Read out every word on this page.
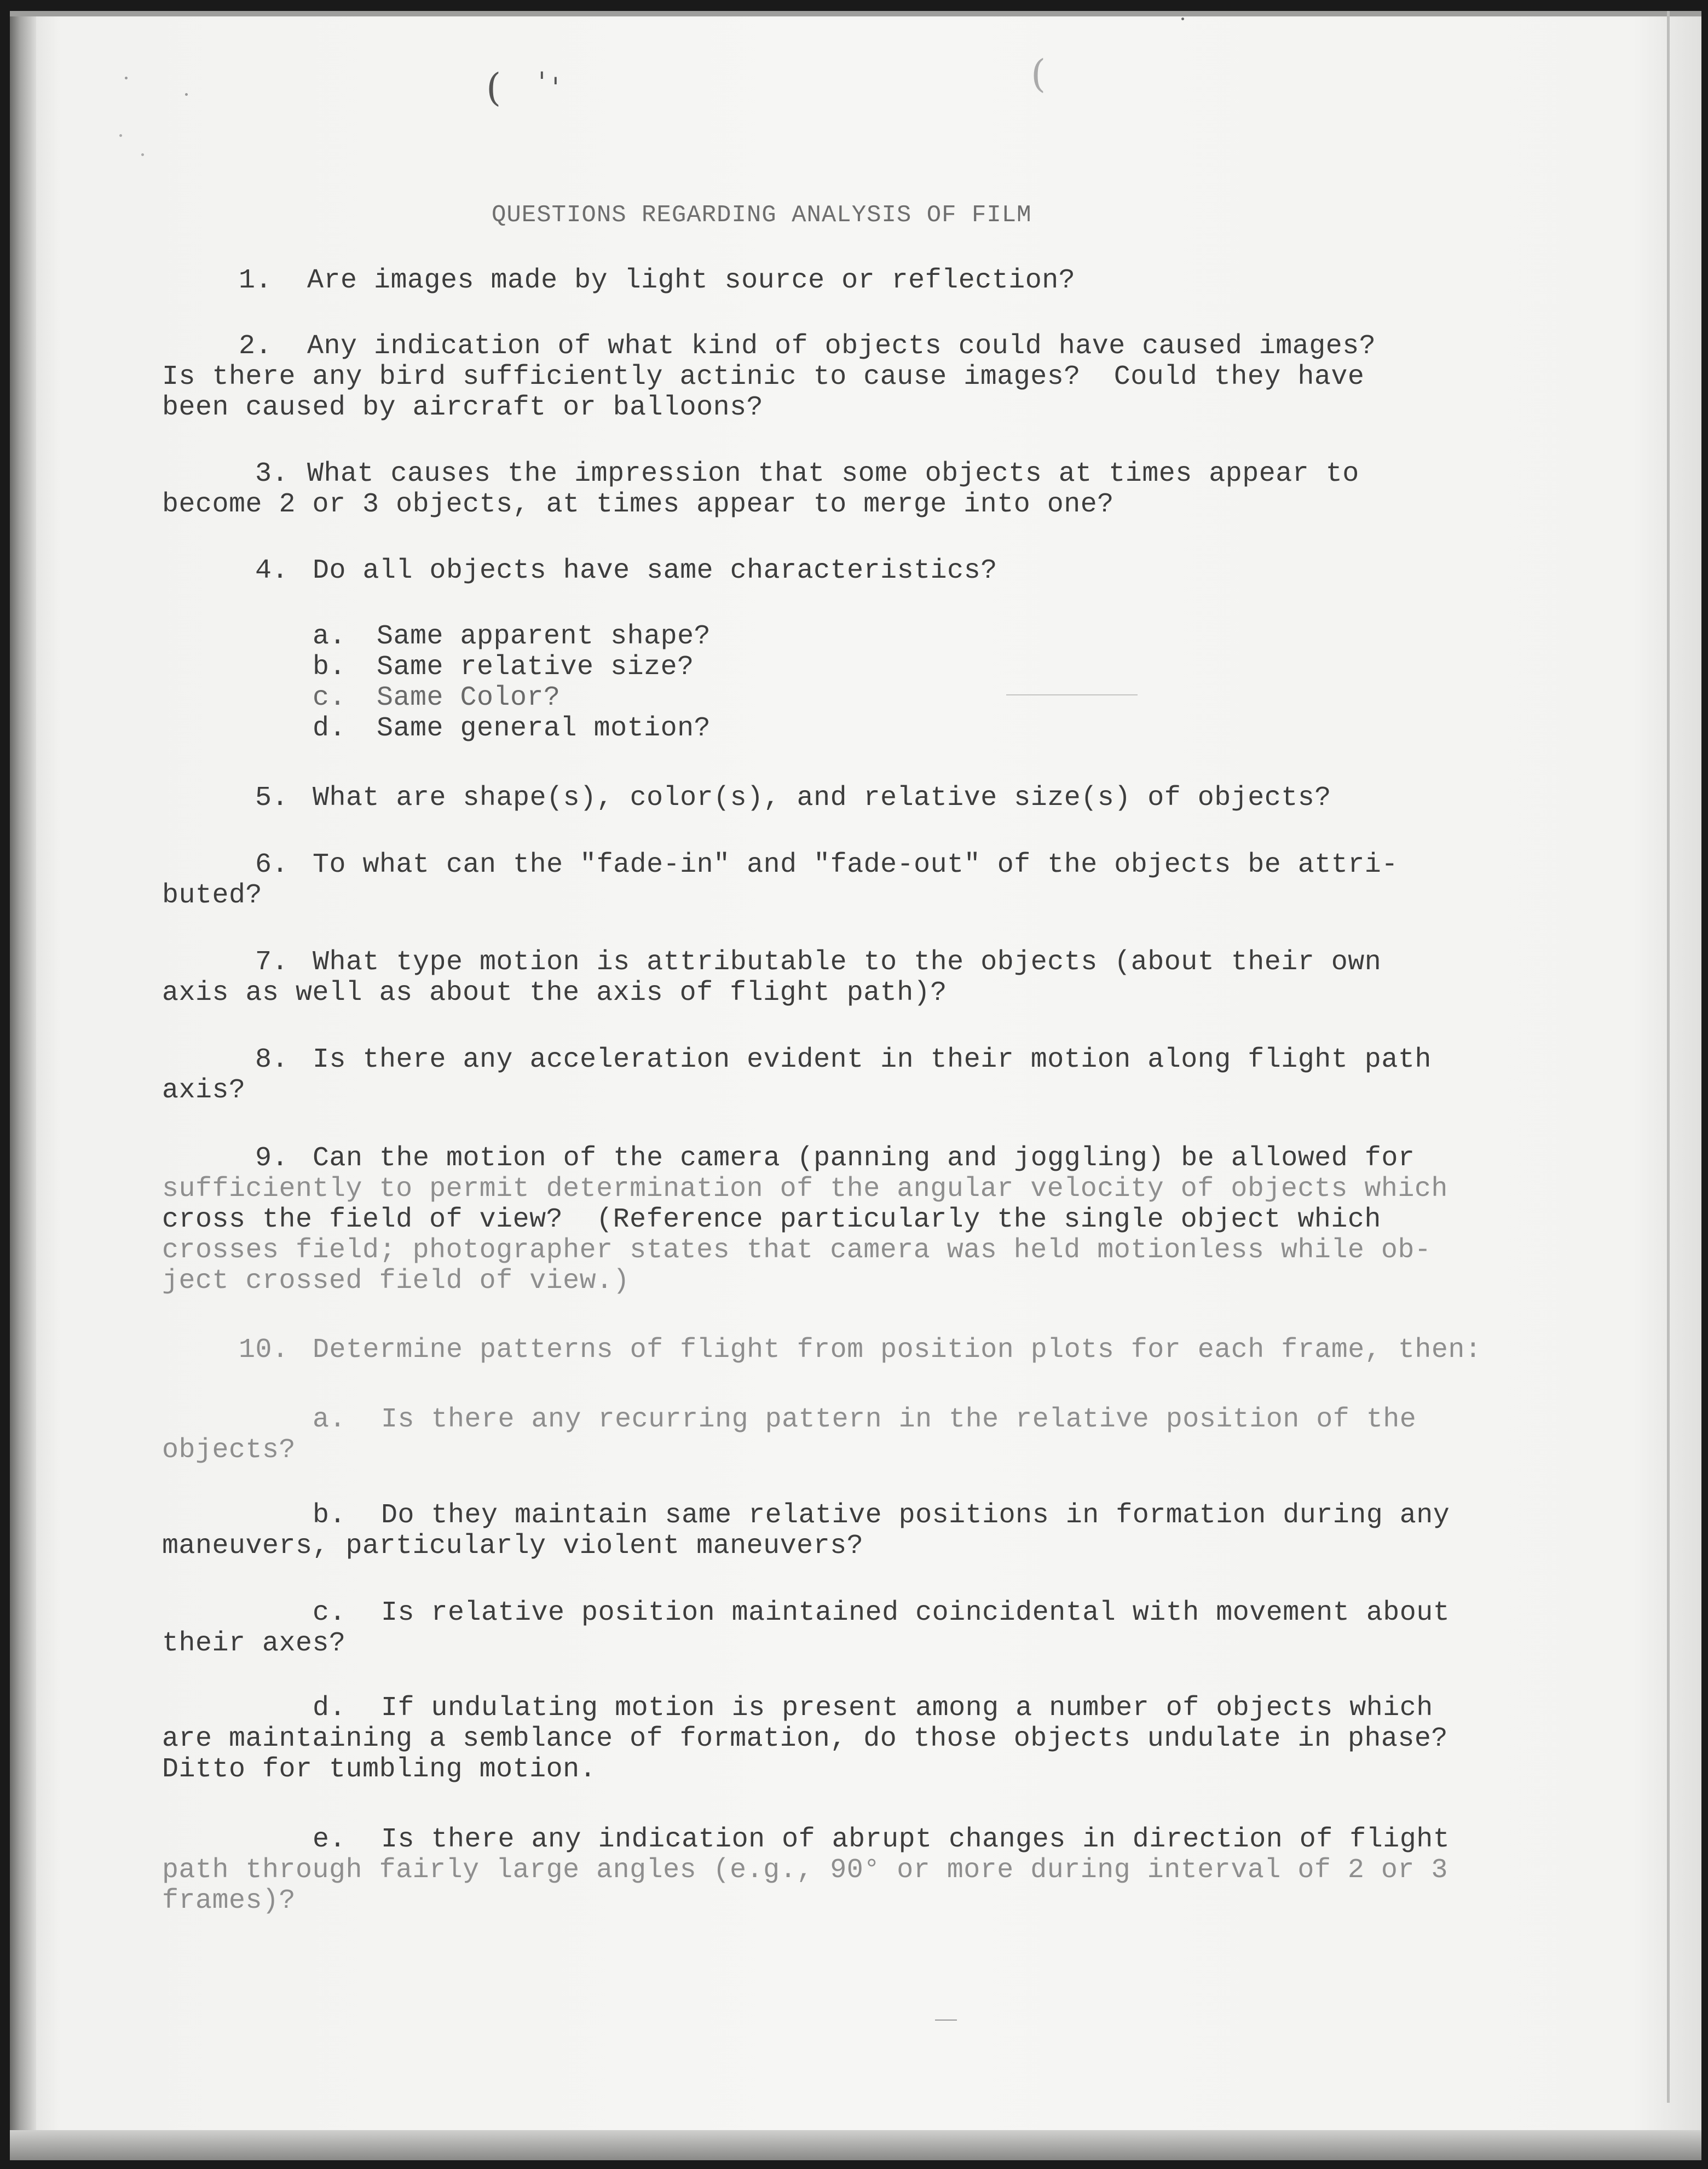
( ' '	(

QUESTIONS REGARDING ANALYSIS OF FILM

1. Are images made by light source or reflection?

2. Any indication of what kind of objects could have caused images?

Is there any bird sufficiently actinic to cause images?  Could they have

been caused by aircraft or balloons?

3. What causes the impression that some objects at times appear to

become 2 or 3 objects, at times appear to merge into one?

4. Do all objects have same characteristics?

a. Same apparent shape?

b. Same relative size?

c. Same Color?

d. Same general motion?

5. What are shape(s), color(s), and relative size(s) of objects?

6. To what can the "fade-in" and "fade-out" of the objects be attri-

buted?

7. What type motion is attributable to the objects (about their own

axis as well as about the axis of flight path)?

8. Is there any acceleration evident in their motion along flight path

axis?

9. Can the motion of the camera (panning and joggling) be allowed for

sufficiently to permit determination of the angular velocity of objects which

cross the field of view?  (Reference particularly the single object which

crosses field; photographer states that camera was held motionless while ob-

ject crossed field of view.)

10. Determine patterns of flight from position plots for each frame, then:

a. Is there any recurring pattern in the relative position of the

objects?

b. Do they maintain same relative positions in formation during any

maneuvers, particularly violent maneuvers?

c. Is relative position maintained coincidental with movement about

their axes?

d. If undulating motion is present among a number of objects which

are maintaining a semblance of formation, do those objects undulate in phase?

Ditto for tumbling motion.

e. Is there any indication of abrupt changes in direction of flight

path through fairly large angles (e.g., 90° or more during interval of 2 or 3

frames)?
